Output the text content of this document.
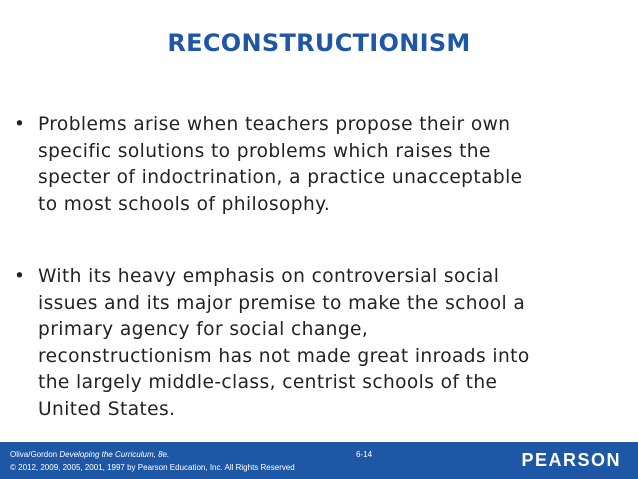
RECONSTRUCTIONISM
• Problems arise when teachers propose their own
specific solutions to problems which raises the
specter of indoctrination, a practice unacceptable
to most schools of philosophy.
• With its heavy emphasis on controversial social
issues and its major premise to make the school a
primary agency for social change,
reconstructionism has not made great inroads into
the largely middle-class, centrist schools of the
United States.
Oliva/Gordon Developing the Curriculum, 8e.
© 2012, 2009, 2005, 2001, 1997 by Pearson Education, Inc. All Rights Reserved
6-14	PEARSON
